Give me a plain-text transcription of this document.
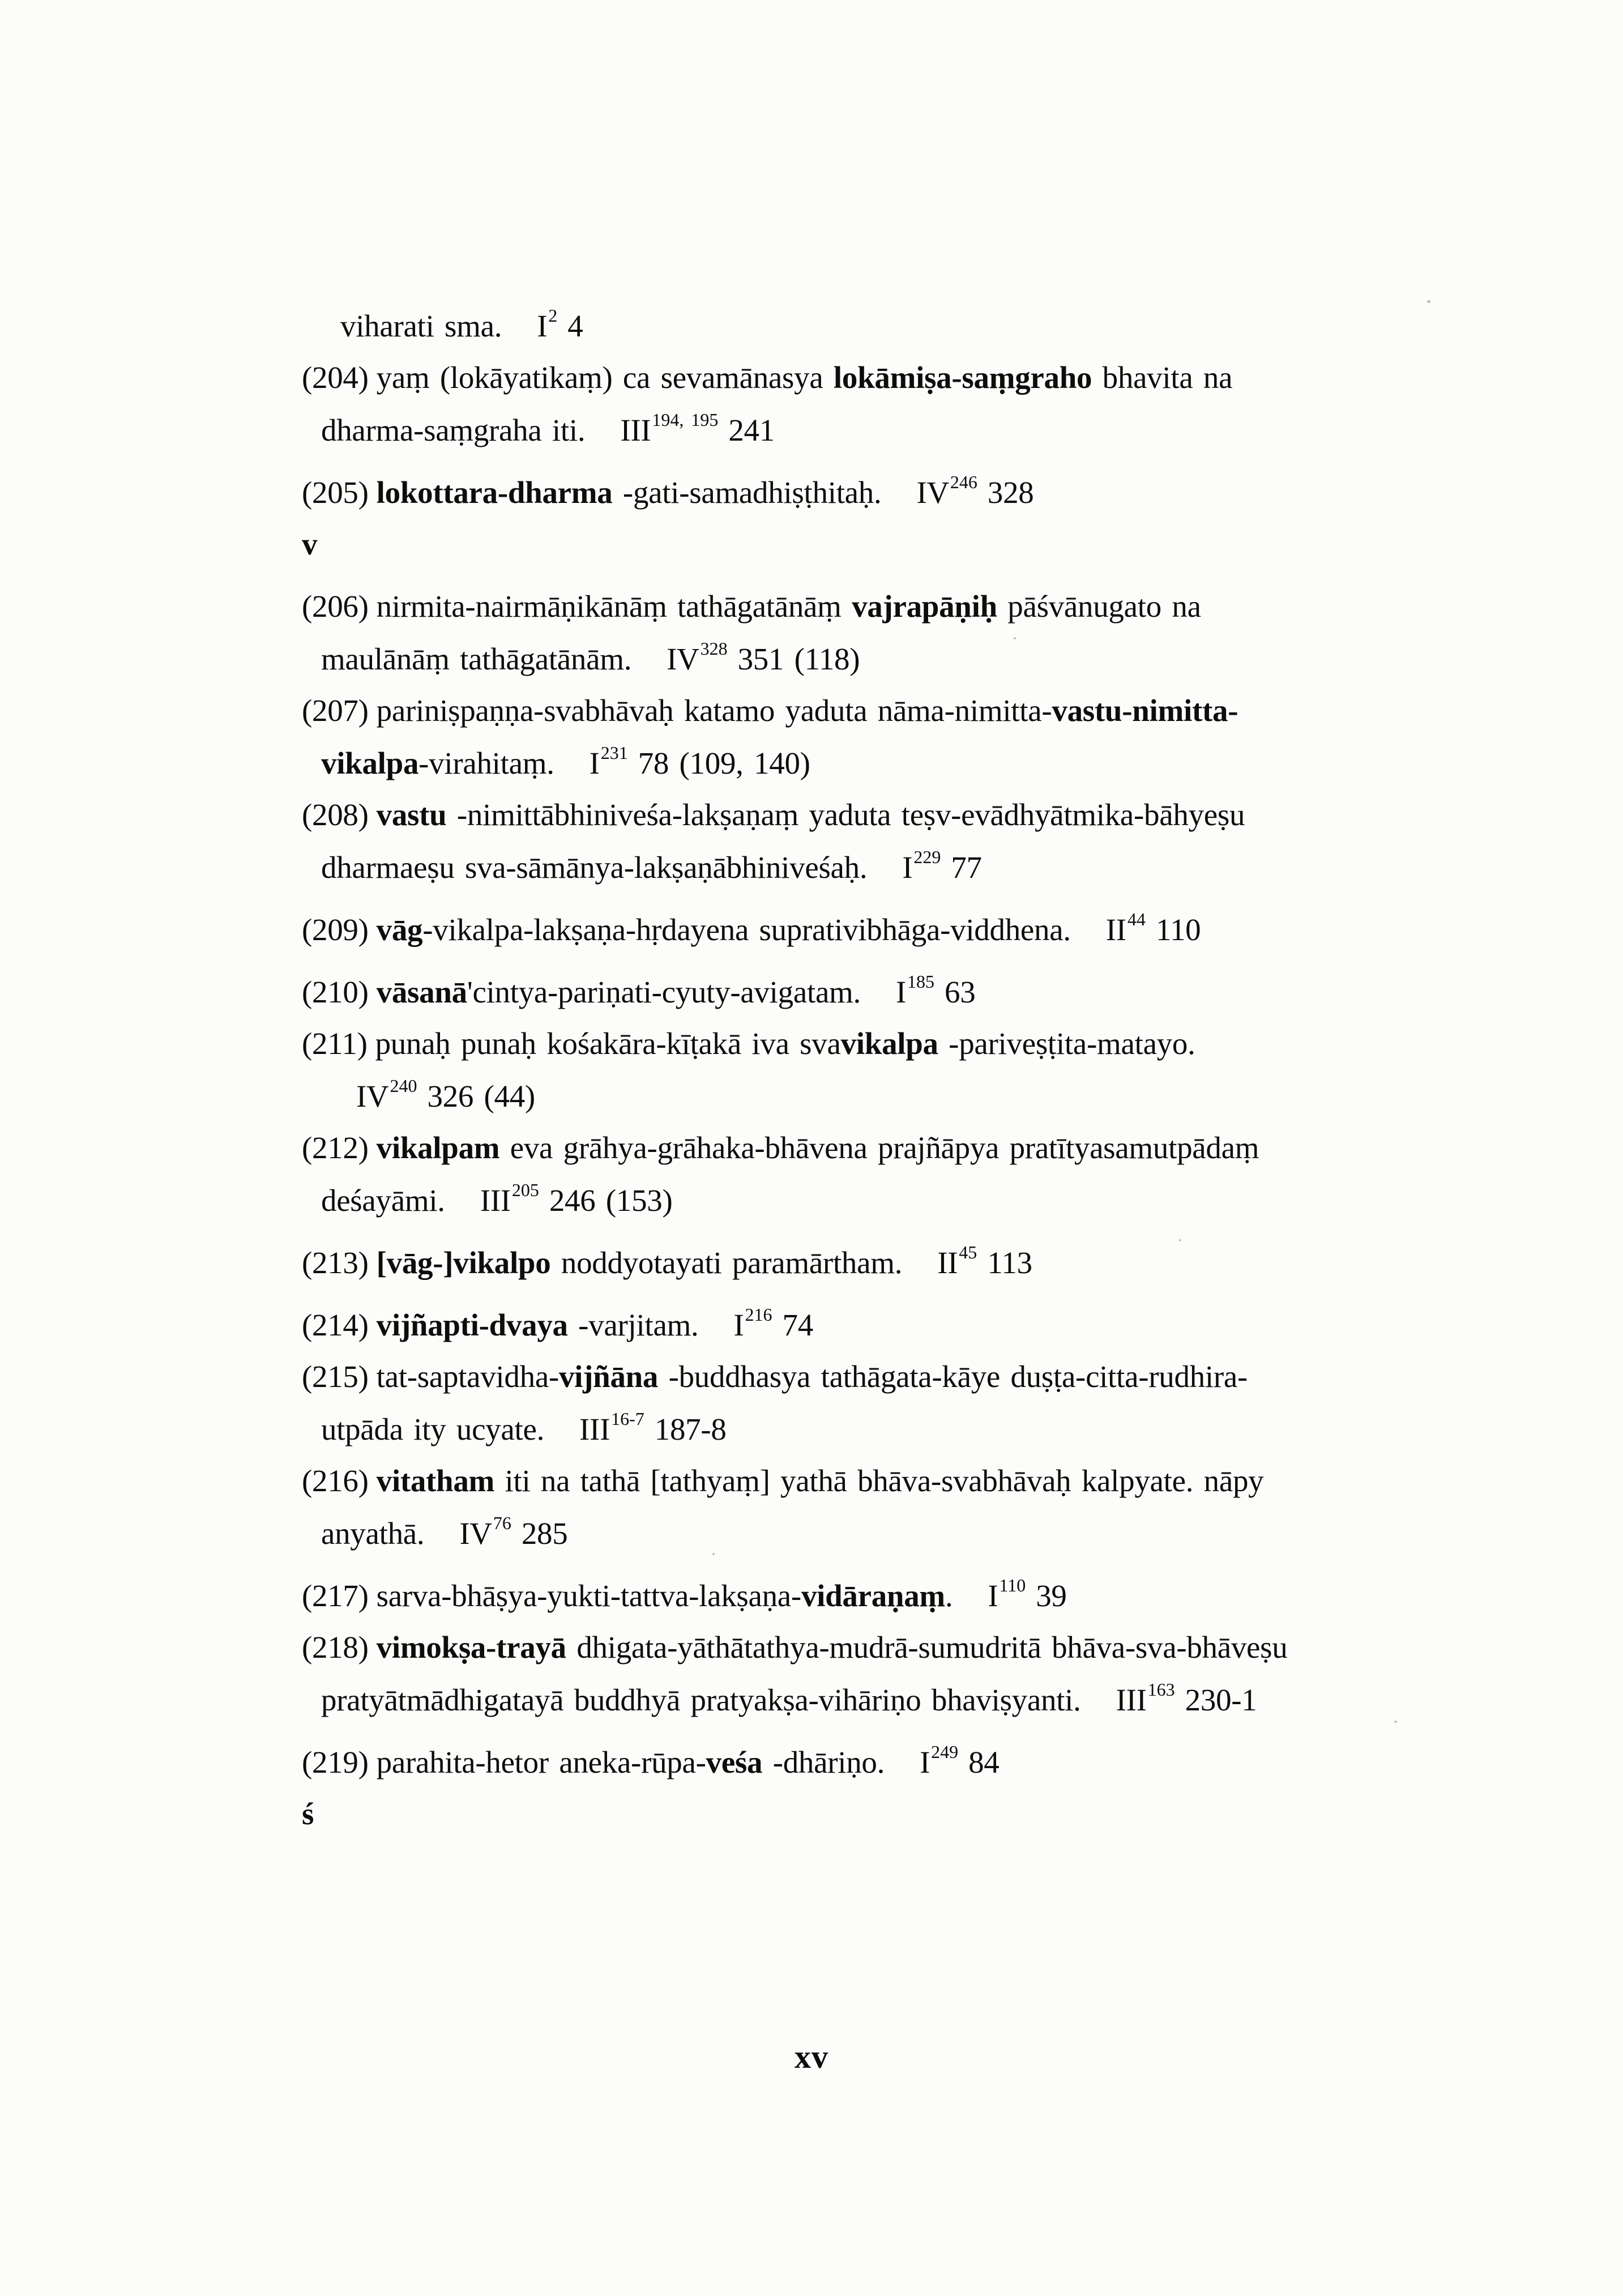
viharati sma. $I^2$ 4
(204) yaṃ (lokāyatikaṃ) ca sevamānasya lokāmiṣa-saṃgraho bhavita na
dharma-saṃgraha iti. III$^{194, 195}$ 241
(205) lokottara-dharma -gati-samadhiṣṭhitaḥ. IV$^{246}$ 328
v
(206) nirmita-nairmāṇikānāṃ tathāgatānāṃ vajrapāṇiḥ pāśvānugato na
maulānāṃ tathāgatānām. IV$^{328}$ 351 (118)
(207) pariniṣpaṇṇa-svabhāvaḥ katamo yaduta nāma-nimitta-vastu-nimitta-
vikalpa-virahitaṃ. $I^{231}$ 78 (109, 140)
(208) vastu -nimittābhiniveśa-lakṣaṇaṃ yaduta teṣv-evādhyātmika-bāhyeṣu
dharmaeṣu sva-sāmānya-lakṣaṇābhiniveśaḥ. $I^{229}$ 77
(209) vāg-vikalpa-lakṣaṇa-hṛdayena suprativibhāga-viddhena. II$^{44}$ 110
(210) vāsanā'cintya-pariṇati-cyuty-avigatam. $I^{185}$ 63
(211) punaḥ punaḥ kośakāra-kīṭakā iva svavikalpa -pariveṣṭita-matayo.
IV$^{240}$ 326 (44)
(212) vikalpam eva grāhya-grāhaka-bhāvena prajñāpya pratītyasamutpādaṃ
deśayāmi. III$^{205}$ 246 (153)
(213) [vāg-]vikalpo noddyotayati paramārtham. II$^{45}$ 113
(214) vijñapti-dvaya -varjitam. $I^{216}$ 74
(215) tat-saptavidha-vijñāna -buddhasya tathāgata-kāye duṣṭa-citta-rudhira-
utpāda ity ucyate. III$^{16-7}$ 187-8
(216) vitatham iti na tathā [tathyaṃ] yathā bhāva-svabhāvaḥ kalpyate. nāpy
anyathā. IV$^{76}$ 285
(217) sarva-bhāṣya-yukti-tattva-lakṣaṇa-vidāraṇaṃ. $I^{110}$ 39
(218) vimokṣa-trayā dhigata-yāthātathya-mudrā-sumudritā bhāva-sva-bhāveṣu
pratyātmādhigatayā buddhyā pratyakṣa-vihāriṇo bhaviṣyanti. III$^{163}$ 230-1
(219) parahita-hetor aneka-rūpa-veśa -dhāriṇo. $I^{249}$ 84
ś
xv
